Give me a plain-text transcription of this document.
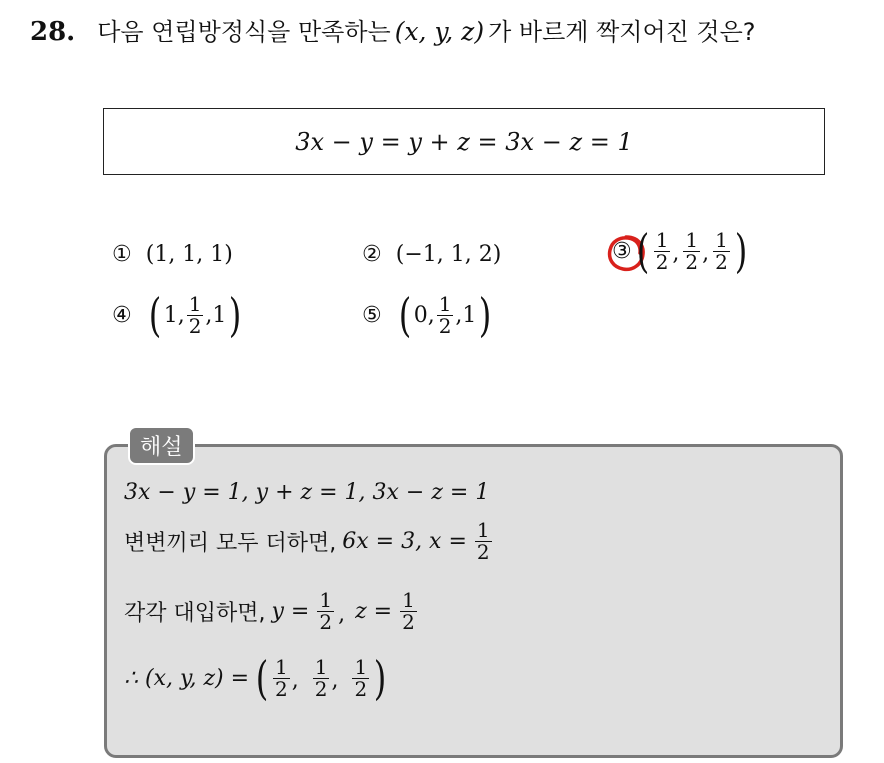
28. 다음 연립방정식을 만족하는 (x, y, z) 가 바르게 짝지어진 것은?
3x − y = y + z = 3x − z = 1
① (1, 1, 1)	② (−1, 1, 2)	③ ( $\frac{1}{2}$ , $\frac{1}{2}$ , $\frac{1}{2}$ )
④ ( 1 , $\frac{1}{2}$ , 1 )	⑤ ( 0 , $\frac{1}{2}$ , 1 )
해설
3x − y = 1, y + z = 1, 3x − z = 1
변변끼리 모두 더하면, 6x = 3, $x = \frac{1}{2}$
각각 대입하면, $y = \frac{1}{2}$ , $z = \frac{1}{2}$
∴ (x, y, z) = ( $\frac{1}{2}$ , $\frac{1}{2}$ , $\frac{1}{2}$ )
